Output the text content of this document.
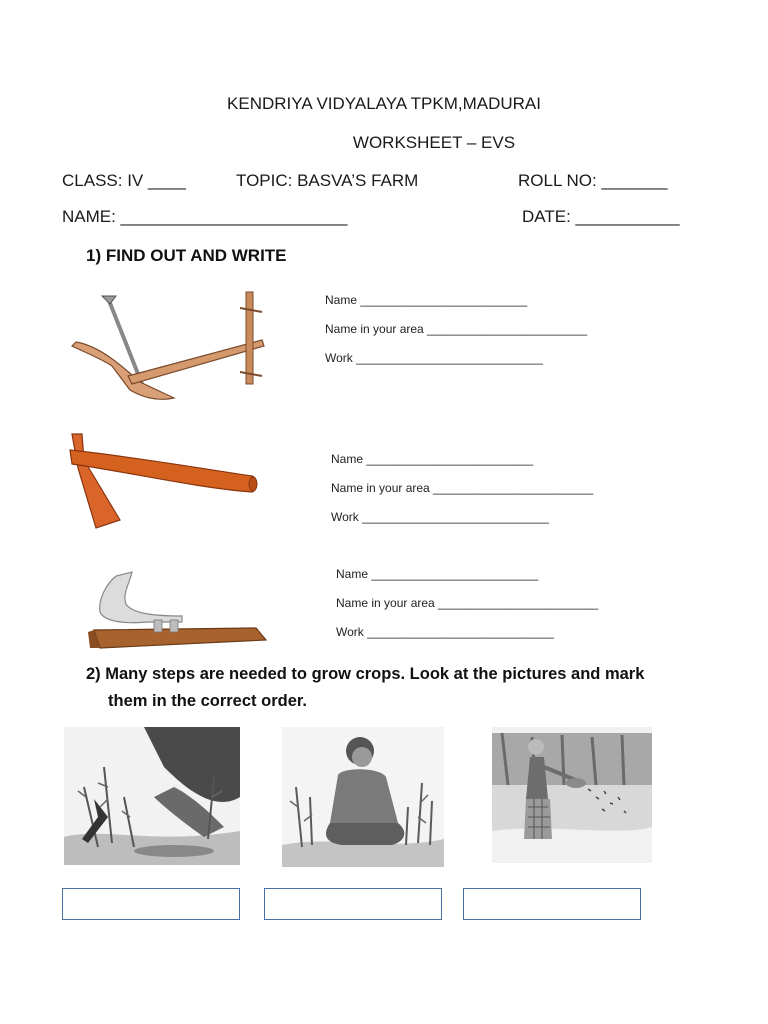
KENDRIYA VIDYALAYA TPKM,MADURAI
WORKSHEET – EVS
CLASS: IV ____	TOPIC: BASVA’S FARM	ROLL NO: _______
NAME: ________________________	DATE: ___________
1) FIND OUT AND WRITE
Name _________________________
Name in your area ________________________
Work ____________________________
Name _________________________
Name in your area ________________________
Work ____________________________
Name _________________________
Name in your area ________________________
Work ____________________________
2) Many steps are needed to grow crops. Look at the pictures and mark
them in the correct order.
